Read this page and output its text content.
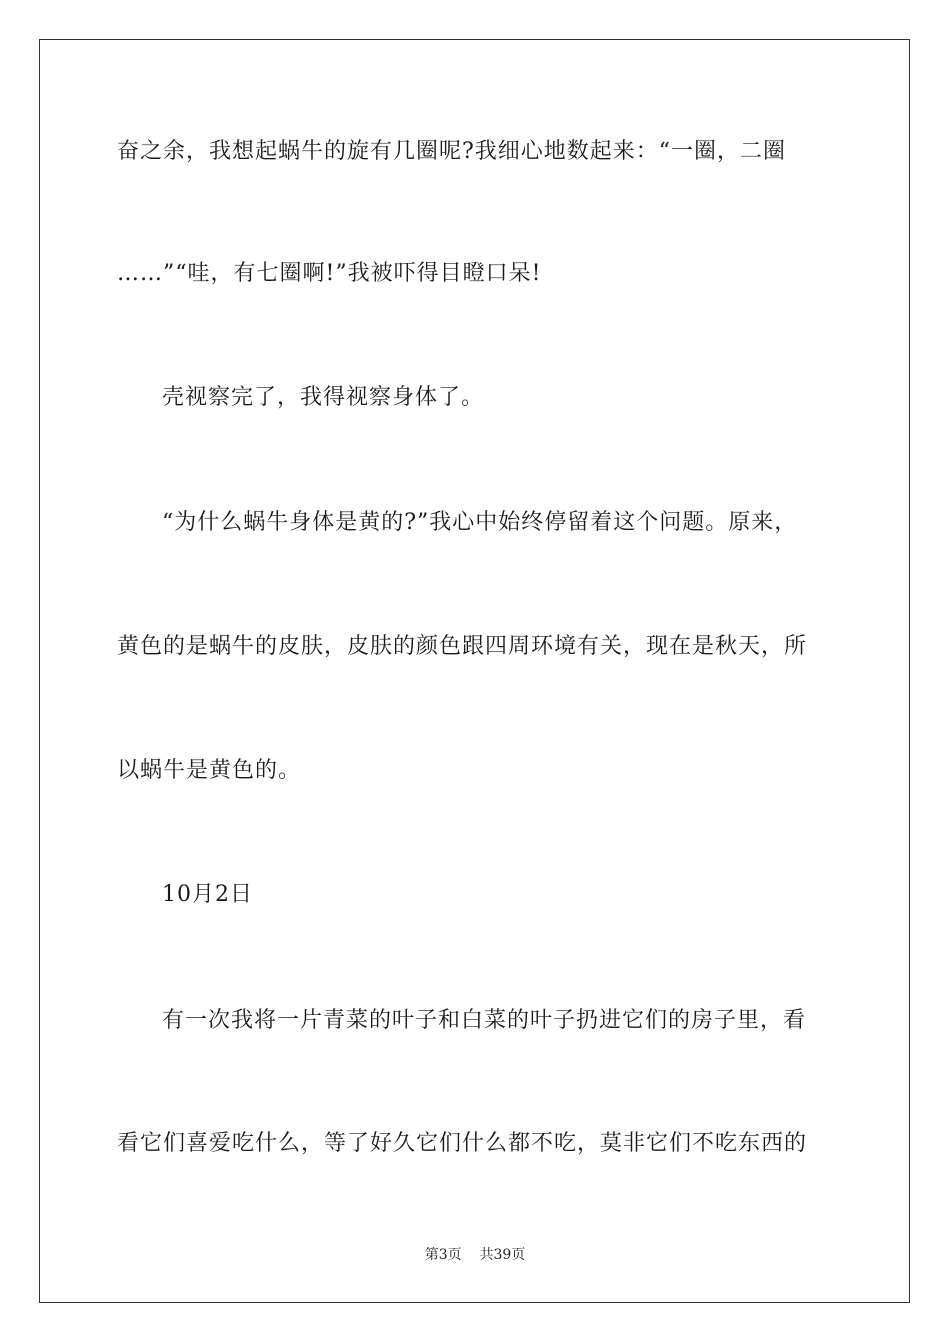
奋之余，我想起蜗牛的旋有几圈呢?我细心地数起来：“一圈，二圈
……”“哇，有七圈啊!”我被吓得目瞪口呆!
壳视察完了，我得视察身体了。
“为什么蜗牛身体是黄的?”我心中始终停留着这个问题。原来，
黄色的是蜗牛的皮肤，皮肤的颜色跟四周环境有关，现在是秋天，所
以蜗牛是黄色的。
10月2日
有一次我将一片青菜的叶子和白菜的叶子扔进它们的房子里，看
看它们喜爱吃什么，等了好久它们什么都不吃，莫非它们不吃东西的
第3页 共39页
